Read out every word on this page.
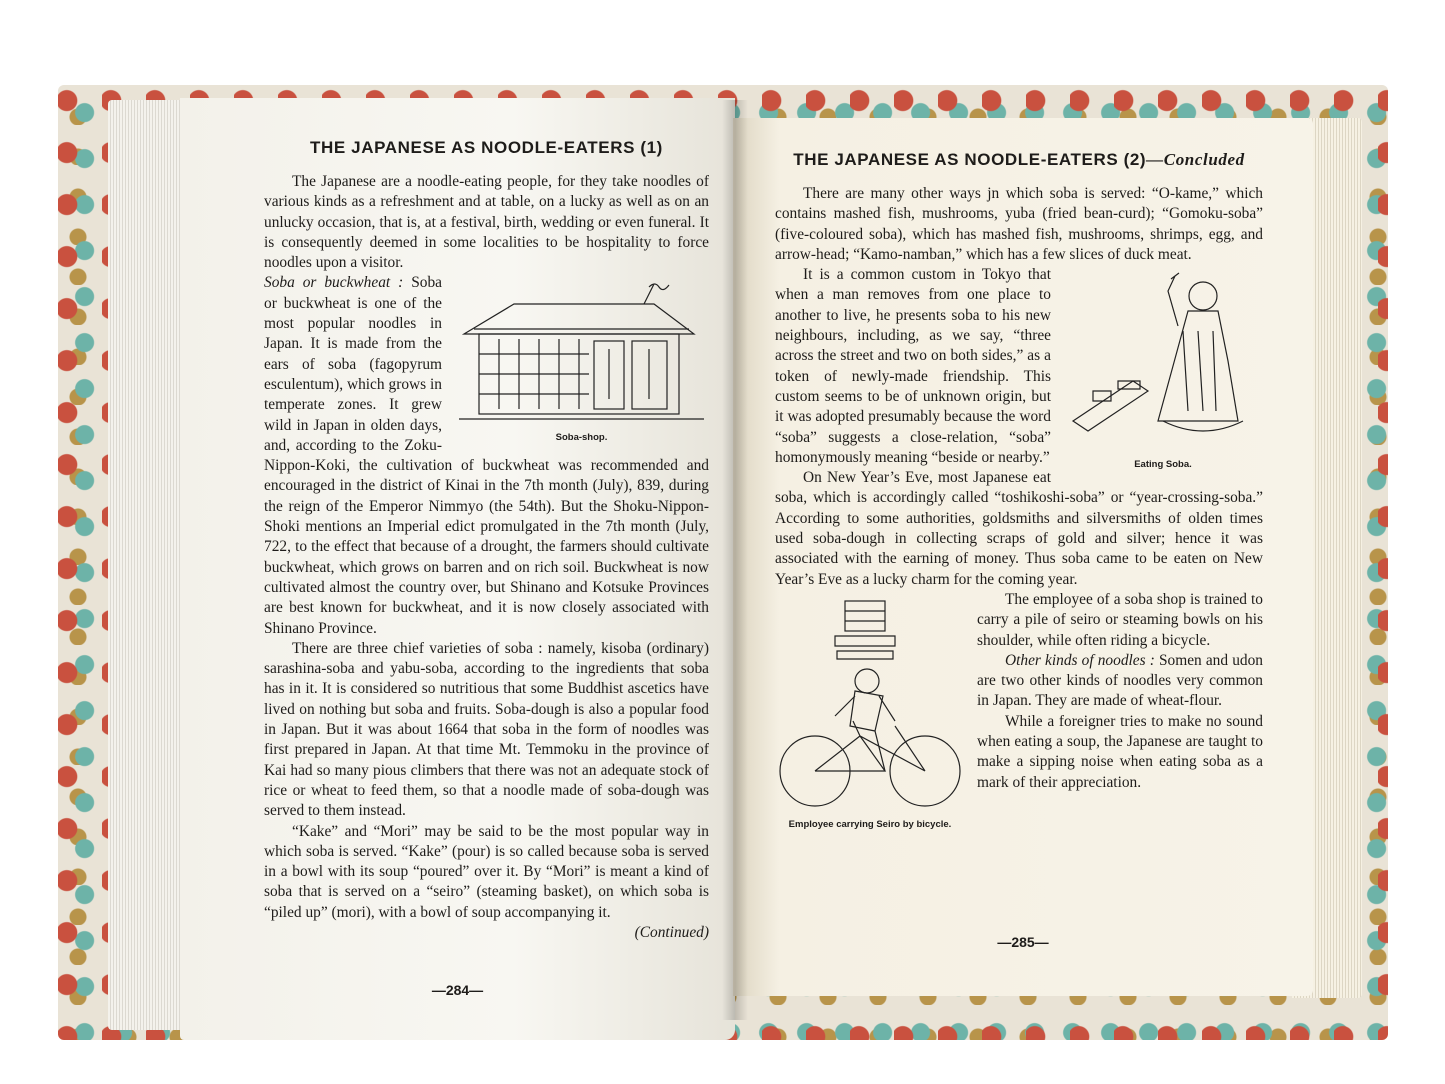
THE JAPANESE AS NOODLE-EATERS (1)

The Japanese are a noodle-eating people, for they take noodles of various kinds as a refreshment and at table, on a lucky as well as on an unlucky occasion, that is, at a festival, birth, wedding or even funeral. It is consequently deemed in some localities to be hospitality to force noodles upon a visitor.

Soba-shop.

Soba or buckwheat : Soba or buckwheat is one of the most popular noodles in Japan. It is made from the ears of soba (fagopyrum esculentum), which grows in temperate zones. It grew wild in Japan in olden days, and, according to the Zoku-Nippon-Koki, the cultivation of buckwheat was recommended and encouraged in the district of Kinai in the 7th month (July), 839, during the reign of the Emperor Nimmyo (the 54th). But the Shoku-Nippon-Shoki mentions an Imperial edict promulgated in the 7th month (July, 722, to the effect that because of a drought, the farmers should cultivate buckwheat, which grows on barren and on rich soil. Buckwheat is now cultivated almost the country over, but Shinano and Kotsuke Provinces are best known for buckwheat, and it is now closely associated with Shinano Province.

There are three chief varieties of soba : namely, kisoba (ordinary) sarashina-soba and yabu-soba, according to the ingredients that soba has in it. It is considered so nutritious that some Buddhist ascetics have lived on nothing but soba and fruits. Soba-dough is also a popular food in Japan. But it was about 1664 that soba in the form of noodles was first prepared in Japan. At that time Mt. Temmoku in the province of Kai had so many pious climbers that there was not an adequate stock of rice or wheat to feed them, so that a noodle made of soba-dough was served to them instead.

“Kake” and “Mori” may be said to be the most popular way in which soba is served. “Kake” (pour) is so called because soba is served in a bowl with its soup “poured” over it. By “Mori” is meant a kind of soba that is served on a “seiro” (steaming basket), on which soba is “piled up” (mori), with a bowl of soup accompanying it.

(Continued)

—284—
THE JAPANESE AS NOODLE-EATERS (2)—Concluded

There are many other ways jn which soba is served: “O-kame,” which contains mashed fish, mushrooms, yuba (fried bean-curd); “Gomoku-soba” (five-coloured soba), which has mashed fish, mushrooms, shrimps, egg, and arrow-head; “Kamo-namban,” which has a few slices of duck meat.

Eating Soba.

It is a common custom in Tokyo that when a man removes from one place to another to live, he presents soba to his new neighbours, including, as we say, “three across the street and two on both sides,” as a token of newly-made friendship. This custom seems to be of unknown origin, but it was adopted presumably because the word “soba” suggests a close-relation, “soba” homonymously meaning “beside or nearby.”

On New Year’s Eve, most Japanese eat soba, which is accordingly called “toshikoshi-soba” or “year-crossing-soba.” According to some authorities, goldsmiths and silversmiths of olden times used soba-dough in collecting scraps of gold and silver; hence it was associated with the earning of money. Thus soba came to be eaten on New Year’s Eve as a lucky charm for the coming year.

Employee carrying Seiro by bicycle.

The employee of a soba shop is trained to carry a pile of seiro or steaming bowls on his shoulder, while often riding a bicycle.

Other kinds of noodles : Somen and udon are two other kinds of noodles very common in Japan. They are made of wheat-flour.

While a foreigner tries to make no sound when eating a soup, the Japanese are taught to make a sipping noise when eating soba as a mark of their appreciation.

—285—
